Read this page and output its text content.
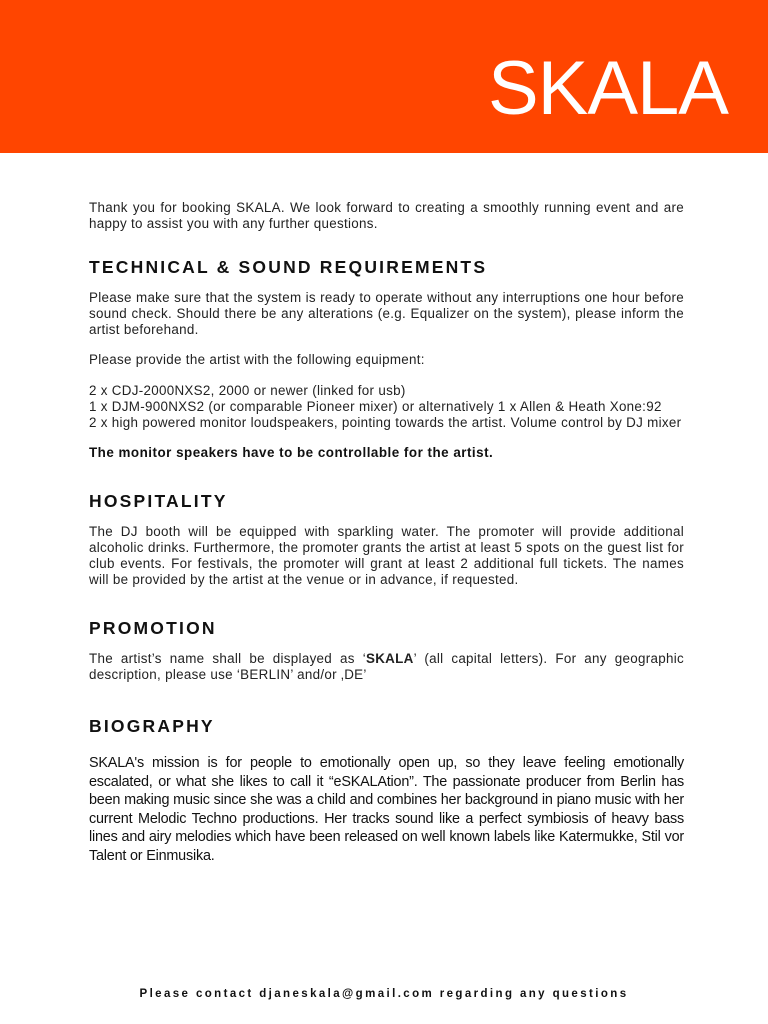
SKALA

Thank you for booking SKALA. We look forward to creating a smoothly running event and are happy to assist you with any further questions.

TECHNICAL & SOUND REQUIREMENTS

Please make sure that the system is ready to operate without any interruptions one hour before sound check. Should there be any alterations (e.g. Equalizer on the system), please inform the artist beforehand.

Please provide the artist with the following equipment:

2 x CDJ-2000NXS2, 2000 or newer (linked for usb)

1 x DJM-900NXS2 (or comparable Pioneer mixer) or alternatively 1 x Allen & Heath Xone:92

2 x high powered monitor loudspeakers, pointing towards the artist. Volume control by DJ mixer

The monitor speakers have to be controllable for the artist.

HOSPITALITY

The DJ booth will be equipped with sparkling water. The promoter will provide additional alcoholic drinks. Furthermore, the promoter grants the artist at least 5 spots on the guest list for club events. For festivals, the promoter will grant at least 2 additional full tickets. The names will be provided by the artist at the venue or in advance, if requested.

PROMOTION

The artist’s name shall be displayed as ‘SKALA’ (all capital letters). For any geographic description, please use ‘BERLIN’ and/or ‚DE’

BIOGRAPHY

SKALA's mission is for people to emotionally open up, so they leave feeling emotionally escalated, or what she likes to call it “eSKALAtion”. The passionate producer from Berlin has been making music since she was a child and combines her background in piano music with her current Melodic Techno productions. Her tracks sound like a perfect symbiosis of heavy bass lines and airy melodies which have been released on well known labels like Katermukke, Stil vor Talent or Einmusika.

Please contact djaneskala@gmail.com regarding any questions
